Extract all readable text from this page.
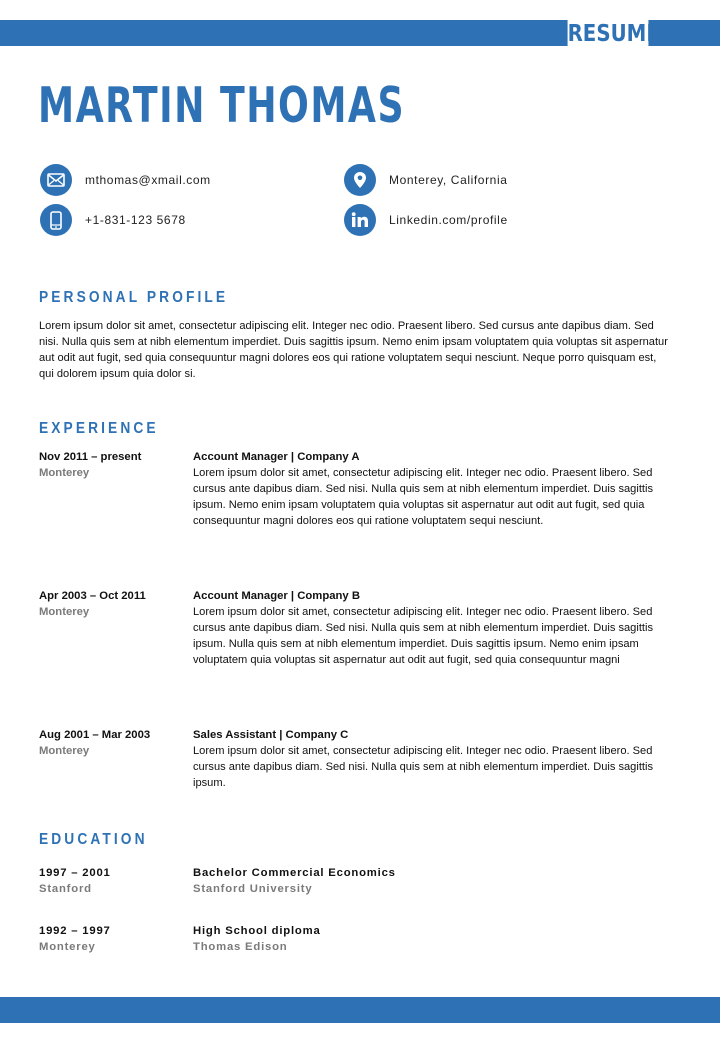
RESUME
MARTIN THOMAS
mthomas@xmail.com	Monterey, California
+1-831-123 5678	Linkedin.com/profile
PERSONAL PROFILE

Lorem ipsum dolor sit amet, consectetur adipiscing elit. Integer nec odio. Praesent libero. Sed cursus ante dapibus diam. Sed nisi. Nulla quis sem at nibh elementum imperdiet. Duis sagittis ipsum. Nemo enim ipsam voluptatem quia voluptas sit aspernatur aut odit aut fugit, sed quia consequuntur magni dolores eos qui ratione voluptatem sequi nesciunt. Neque porro quisquam est, qui dolorem ipsum quia dolor si.

EXPERIENCE
Nov 2011 – present
Monterey
Account Manager | Company A

Lorem ipsum dolor sit amet, consectetur adipiscing elit. Integer nec odio. Praesent libero. Sed cursus ante dapibus diam. Sed nisi. Nulla quis sem at nibh elementum imperdiet. Duis sagittis ipsum. Nemo enim ipsam voluptatem quia voluptas sit aspernatur aut odit aut fugit, sed quia consequuntur magni dolores eos qui ratione voluptatem sequi nesciunt.

Apr 2003 – Oct 2011
Monterey
Account Manager | Company B

Lorem ipsum dolor sit amet, consectetur adipiscing elit. Integer nec odio. Praesent libero. Sed cursus ante dapibus diam. Sed nisi. Nulla quis sem at nibh elementum imperdiet. Duis sagittis ipsum. Nulla quis sem at nibh elementum imperdiet. Duis sagittis ipsum. Nemo enim ipsam voluptatem quia voluptas sit aspernatur aut odit aut fugit, sed quia consequuntur magni

Aug 2001 – Mar 2003
Monterey
Sales Assistant | Company C

Lorem ipsum dolor sit amet, consectetur adipiscing elit. Integer nec odio. Praesent libero. Sed cursus ante dapibus diam. Sed nisi. Nulla quis sem at nibh elementum imperdiet. Duis sagittis ipsum.

EDUCATION
1997 – 2001
Stanford
Bachelor Commercial Economics
Stanford University
1992 – 1997
Monterey
High School diploma
Thomas Edison
